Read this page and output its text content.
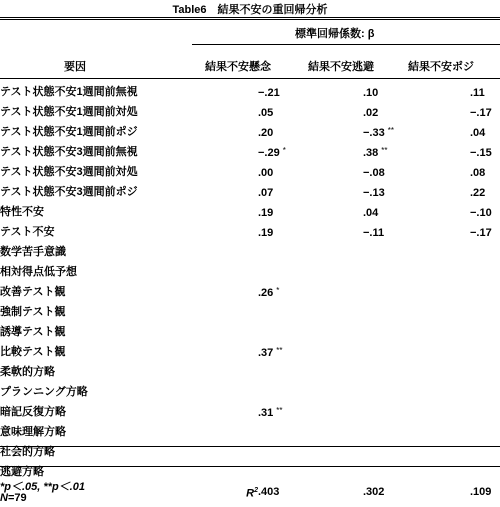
Table6　結果不安の重回帰分析
標準回帰係数: β
要因	結果不安懸念	結果不安逃避	結果不安ポジ
テスト状態不安1週間前無視	−.21	.10	.11
テスト状態不安1週間前対処	.05	.02	−.17
テスト状態不安1週間前ポジ	.20	−.33 **	.04
テスト状態不安3週間前無視	−.29 *	.38 **	−.15
テスト状態不安3週間前対処	.00	−.08	.08
テスト状態不安3週間前ポジ	.07	−.13	.22
特性不安	.19	.04	−.10
テスト不安	.19	−.11	−.17
数学苦手意識			
相対得点低予想			
改善テスト観	.26 *		
強制テスト観			
誘導テスト観			
比較テスト観	.37 **		
柔軟的方略			
プランニング方略			
暗記反復方略	.31 **		
意味理解方略			
社会的方略			
逃避方略			
$R^2$	.403	.302	.109
*p＜.05, **p＜.01
N=79
